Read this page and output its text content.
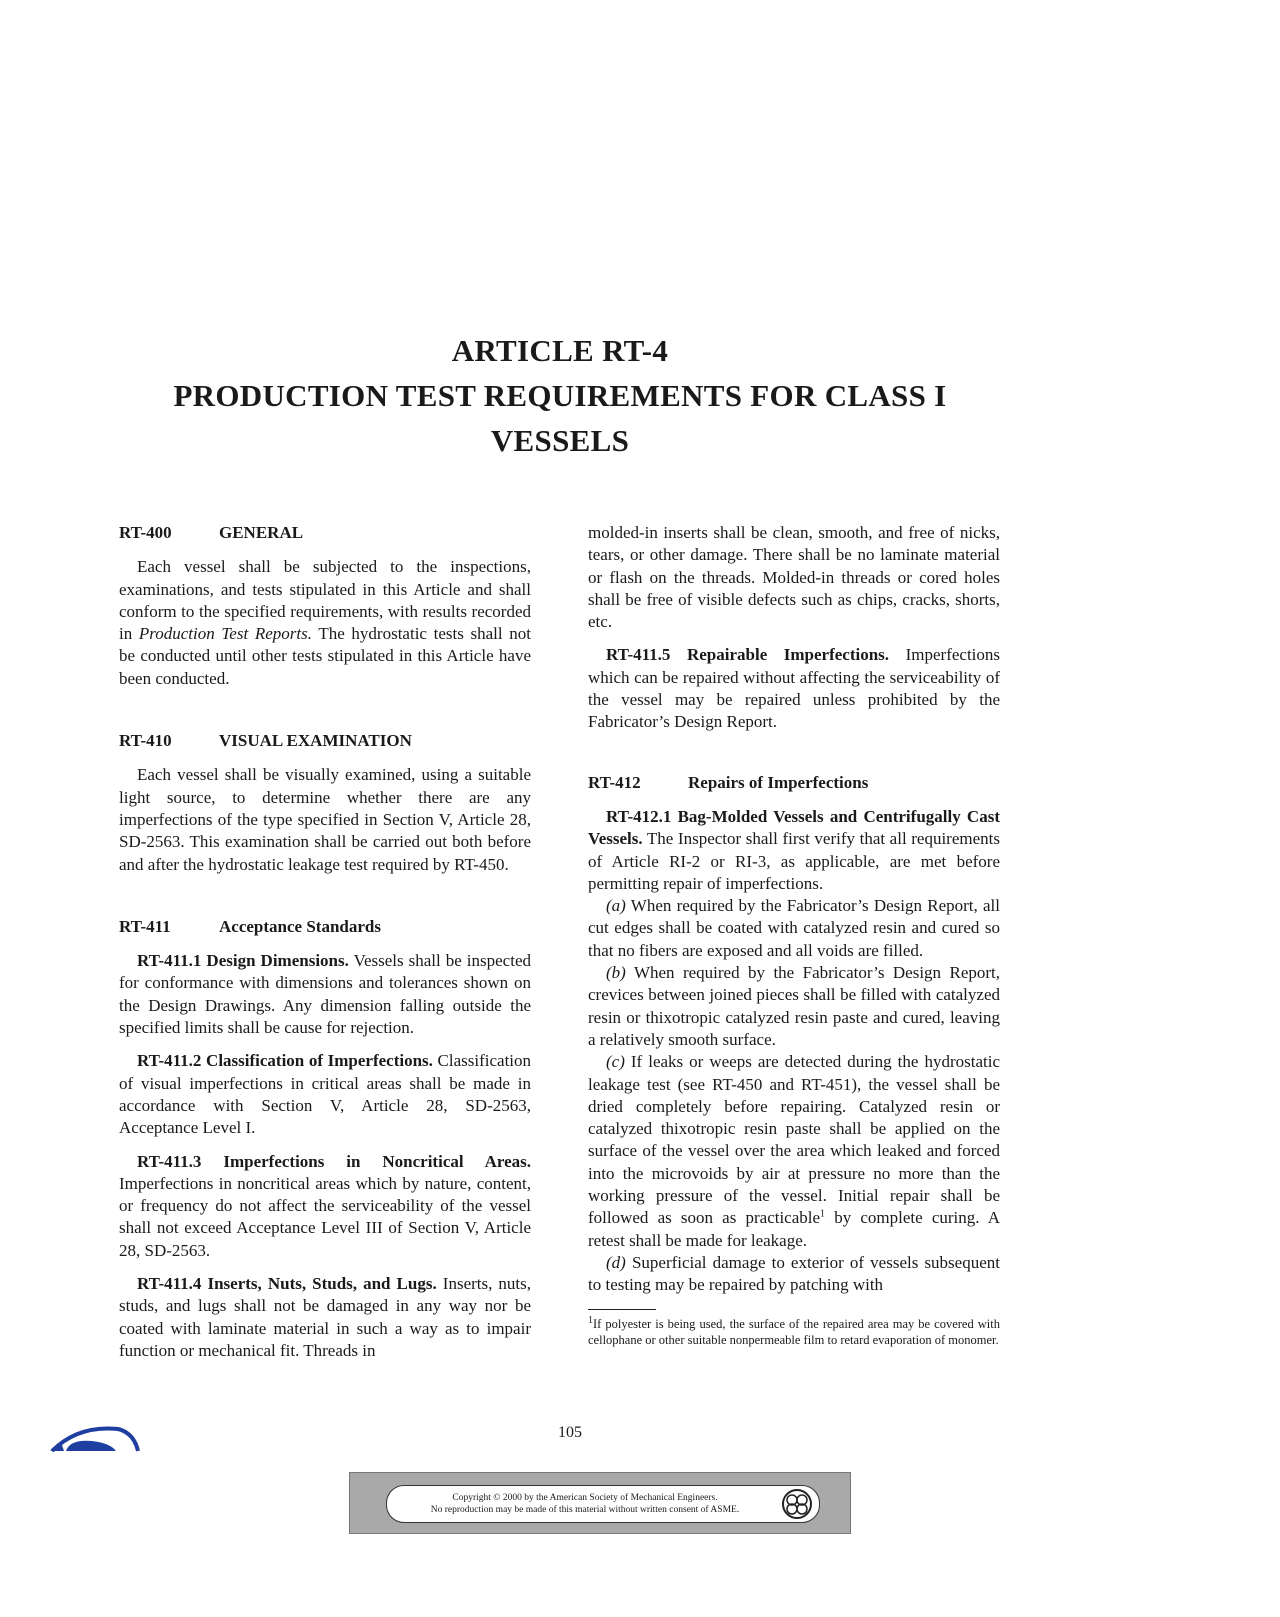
ARTICLE RT-4
PRODUCTION TEST REQUIREMENTS FOR CLASS I
VESSELS
RT-400	GENERAL

Each vessel shall be subjected to the inspections, examinations, and tests stipulated in this Article and shall conform to the specified requirements, with results recorded in Production Test Reports. The hydrostatic tests shall not be conducted until other tests stipulated in this Article have been conducted.

RT-410	VISUAL EXAMINATION

Each vessel shall be visually examined, using a suitable light source, to determine whether there are any imperfections of the type specified in Section V, Article 28, SD-2563. This examination shall be carried out both before and after the hydrostatic leakage test required by RT-450.

RT-411	Acceptance Standards

RT-411.1 Design Dimensions. Vessels shall be inspected for conformance with dimensions and tolerances shown on the Design Drawings. Any dimension falling outside the specified limits shall be cause for rejection.

RT-411.2 Classification of Imperfections. Classification of visual imperfections in critical areas shall be made in accordance with Section V, Article 28, SD-2563, Acceptance Level I.

RT-411.3 Imperfections in Noncritical Areas. Imperfections in noncritical areas which by nature, content, or frequency do not affect the serviceability of the vessel shall not exceed Acceptance Level III of Section V, Article 28, SD-2563.

RT-411.4 Inserts, Nuts, Studs, and Lugs. Inserts, nuts, studs, and lugs shall not be damaged in any way nor be coated with laminate material in such a way as to impair function or mechanical fit. Threads in

molded-in inserts shall be clean, smooth, and free of nicks, tears, or other damage. There shall be no laminate material or flash on the threads. Molded-in threads or cored holes shall be free of visible defects such as chips, cracks, shorts, etc.

RT-411.5 Repairable Imperfections. Imperfections which can be repaired without affecting the serviceability of the vessel may be repaired unless prohibited by the Fabricator’s Design Report.

RT-412	Repairs of Imperfections

RT-412.1 Bag-Molded Vessels and Centrifugally Cast Vessels. The Inspector shall first verify that all requirements of Article RI-2 or RI-3, as applicable, are met before permitting repair of imperfections.

(a) When required by the Fabricator’s Design Report, all cut edges shall be coated with catalyzed resin and cured so that no fibers are exposed and all voids are filled.

(b) When required by the Fabricator’s Design Report, crevices between joined pieces shall be filled with catalyzed resin or thixotropic catalyzed resin paste and cured, leaving a relatively smooth surface.

(c) If leaks or weeps are detected during the hydrostatic leakage test (see RT-450 and RT-451), the vessel shall be dried completely before repairing. Catalyzed resin or catalyzed thixotropic resin paste shall be applied on the surface of the vessel over the area which leaked and forced into the microvoids by air at pressure no more than the working pressure of the vessel. Initial repair shall be followed as soon as practicable$^1$ by complete curing. A retest shall be made for leakage.

(d) Superficial damage to exterior of vessels subsequent to testing may be repaired by patching with

$^1$If polyester is being used, the surface of the repaired area may be covered with cellophane or other suitable nonpermeable film to retard evaporation of monomer.

105
Copyright © 2000 by the American Society of Mechanical Engineers.
No reproduction may be made of this material without written consent of ASME.
